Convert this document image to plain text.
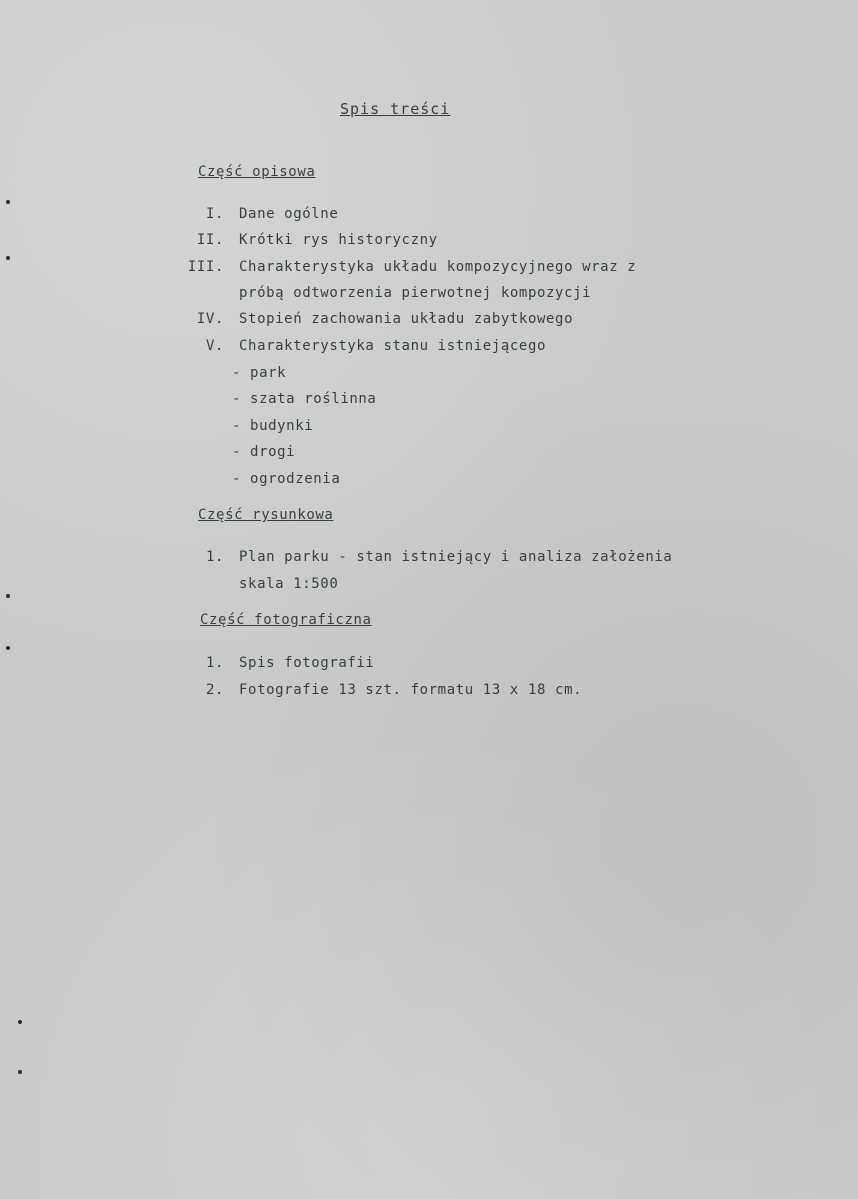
Spis treści
Część opisowa
I. Dane ogólne
II. Krótki rys historyczny
III. Charakterystyka układu kompozycyjnego wraz z
próbą odtworzenia pierwotnej kompozycji
IV. Stopień zachowania układu zabytkowego
V. Charakterystyka stanu istniejącego
- park
- szata roślinna
- budynki
- drogi
- ogrodzenia
Część rysunkowa
1. Plan parku - stan istniejący i analiza założenia
skala 1:500
Część fotograficzna
1. Spis fotografii
2. Fotografie 13 szt. formatu 13 x 18 cm.
